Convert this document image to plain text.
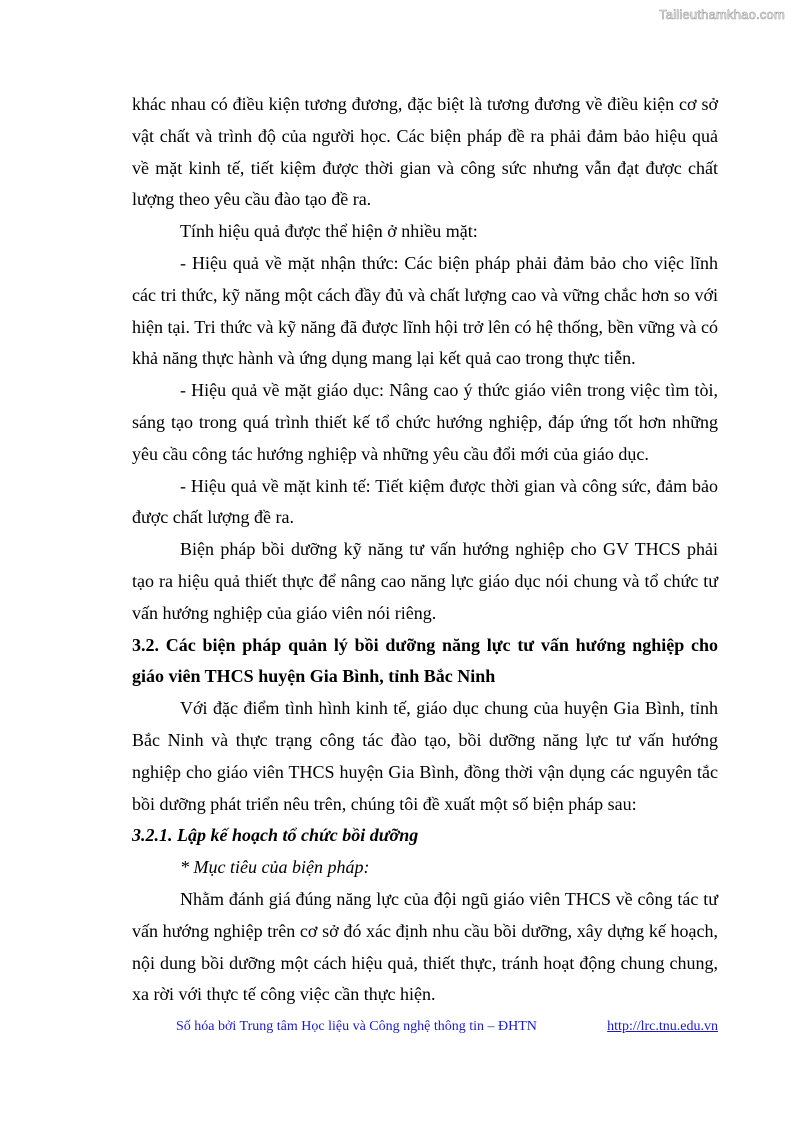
Tailieuthamkhao.com

khác nhau có điều kiện tương đương, đặc biệt là tương đương về điều kiện cơ sở vật chất và trình độ của người học. Các biện pháp đề ra phải đảm bảo hiệu quả về mặt kinh tế, tiết kiệm được thời gian và công sức nhưng vẫn đạt được chất lượng theo yêu cầu đào tạo đề ra.

Tính hiệu quả được thể hiện ở nhiều mặt:

- Hiệu quả về mặt nhận thức: Các biện pháp phải đảm bảo cho việc lĩnh các tri thức, kỹ năng một cách đầy đủ và chất lượng cao và vững chắc hơn so với hiện tại. Tri thức và kỹ năng đã được lĩnh hội trở lên có hệ thống, bền vững và có khả năng thực hành và ứng dụng mang lại kết quả cao trong thực tiễn.

- Hiệu quả về mặt giáo dục: Nâng cao ý thức giáo viên trong việc tìm tòi, sáng tạo trong quá trình thiết kế tổ chức hướng nghiệp, đáp ứng tốt hơn những yêu cầu công tác hướng nghiệp và những yêu cầu đổi mới của giáo dục.

- Hiệu quả về mặt kinh tế: Tiết kiệm được thời gian và công sức, đảm bảo được chất lượng đề ra.

Biện pháp bồi dưỡng kỹ năng tư vấn hướng nghiệp cho GV THCS phải tạo ra hiệu quả thiết thực để nâng cao năng lực giáo dục nói chung và tổ chức tư vấn hướng nghiệp của giáo viên nói riêng.

3.2. Các biện pháp quản lý bồi dưỡng năng lực tư vấn hướng nghiệp cho giáo viên THCS huyện Gia Bình, tỉnh Bắc Ninh

Với đặc điểm tình hình kinh tế, giáo dục chung của huyện Gia Bình, tỉnh Bắc Ninh và thực trạng công tác đào tạo, bồi dưỡng năng lực tư vấn hướng nghiệp cho giáo viên THCS huyện Gia Bình, đồng thời vận dụng các nguyên tắc bồi dưỡng phát triển nêu trên, chúng tôi đề xuất một số biện pháp sau:

3.2.1. Lập kế hoạch tổ chức bồi dưỡng

* Mục tiêu của biện pháp:

Nhằm đánh giá đúng năng lực của đội ngũ giáo viên THCS về công tác tư vấn hướng nghiệp trên cơ sở đó xác định nhu cầu bồi dưỡng, xây dựng kế hoạch, nội dung bồi dưỡng một cách hiệu quả, thiết thực, tránh hoạt động chung chung, xa rời với thực tế công việc cần thực hiện.

Số hóa bởi Trung tâm Học liệu và Công nghệ thông tin – ĐHTN	http://lrc.tnu.edu.vn
